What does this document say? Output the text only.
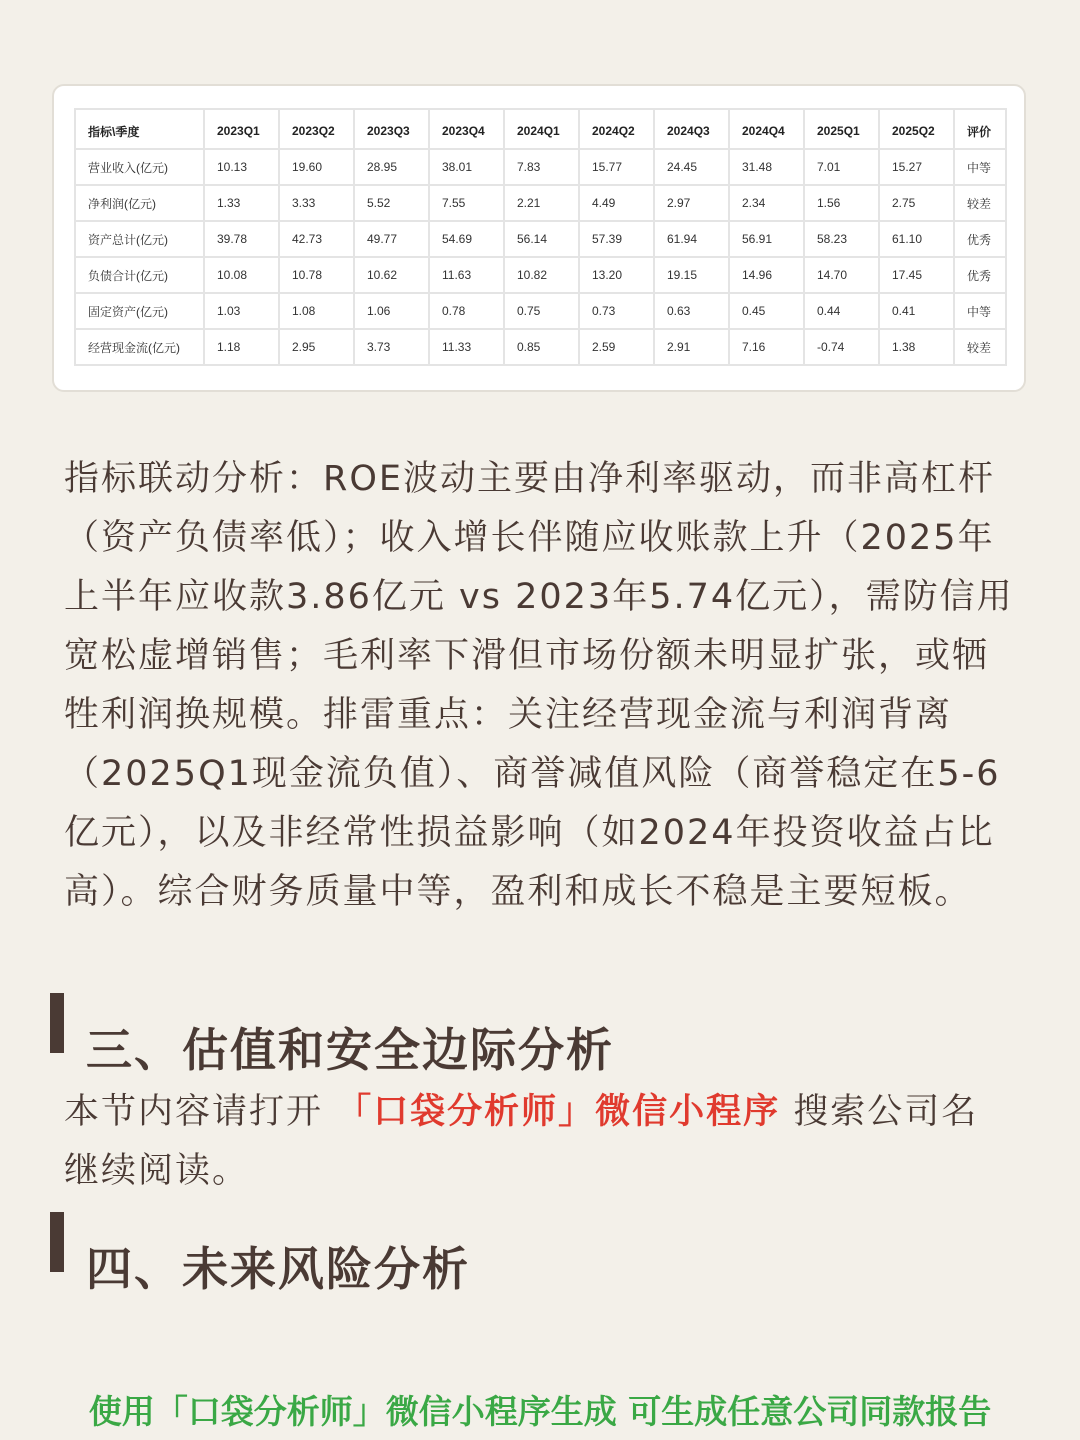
指标\季度	2023Q1	2023Q2	2023Q3	2023Q4	2024Q1	2024Q2	2024Q3	2024Q4	2025Q1	2025Q2	评价
营业收入(亿元)	10.13	19.60	28.95	38.01	7.83	15.77	24.45	31.48	7.01	15.27	中等
净利润(亿元)	1.33	3.33	5.52	7.55	2.21	4.49	2.97	2.34	1.56	2.75	较差
资产总计(亿元)	39.78	42.73	49.77	54.69	56.14	57.39	61.94	56.91	58.23	61.10	优秀
负债合计(亿元)	10.08	10.78	10.62	11.63	10.82	13.20	19.15	14.96	14.70	17.45	优秀
固定资产(亿元)	1.03	1.08	1.06	0.78	0.75	0.73	0.63	0.45	0.44	0.41	中等
经营现金流(亿元)	1.18	2.95	3.73	11.33	0.85	2.59	2.91	7.16	-0.74	1.38	较差

指标联动分析：ROE波动主要由净利率驱动，而非高杠杆（资产负债率低）；收入增长伴随应收账款上升（2025年上半年应收款3.86亿元 vs 2023年5.74亿元），需防信用宽松虚增销售；毛利率下滑但市场份额未明显扩张，或牺牲利润换规模。排雷重点：关注经营现金流与利润背离（2025Q1现金流负值）、商誉减值风险（商誉稳定在5-6亿元），以及非经常性损益影响（如2024年投资收益占比高）。综合财务质量中等，盈利和成长不稳是主要短板。

三、估值和安全边际分析

本节内容请打开 「口袋分析师」微信小程序 搜索公司名继续阅读。

四、未来风险分析

使用「口袋分析师」微信小程序生成 可生成任意公司同款报告
